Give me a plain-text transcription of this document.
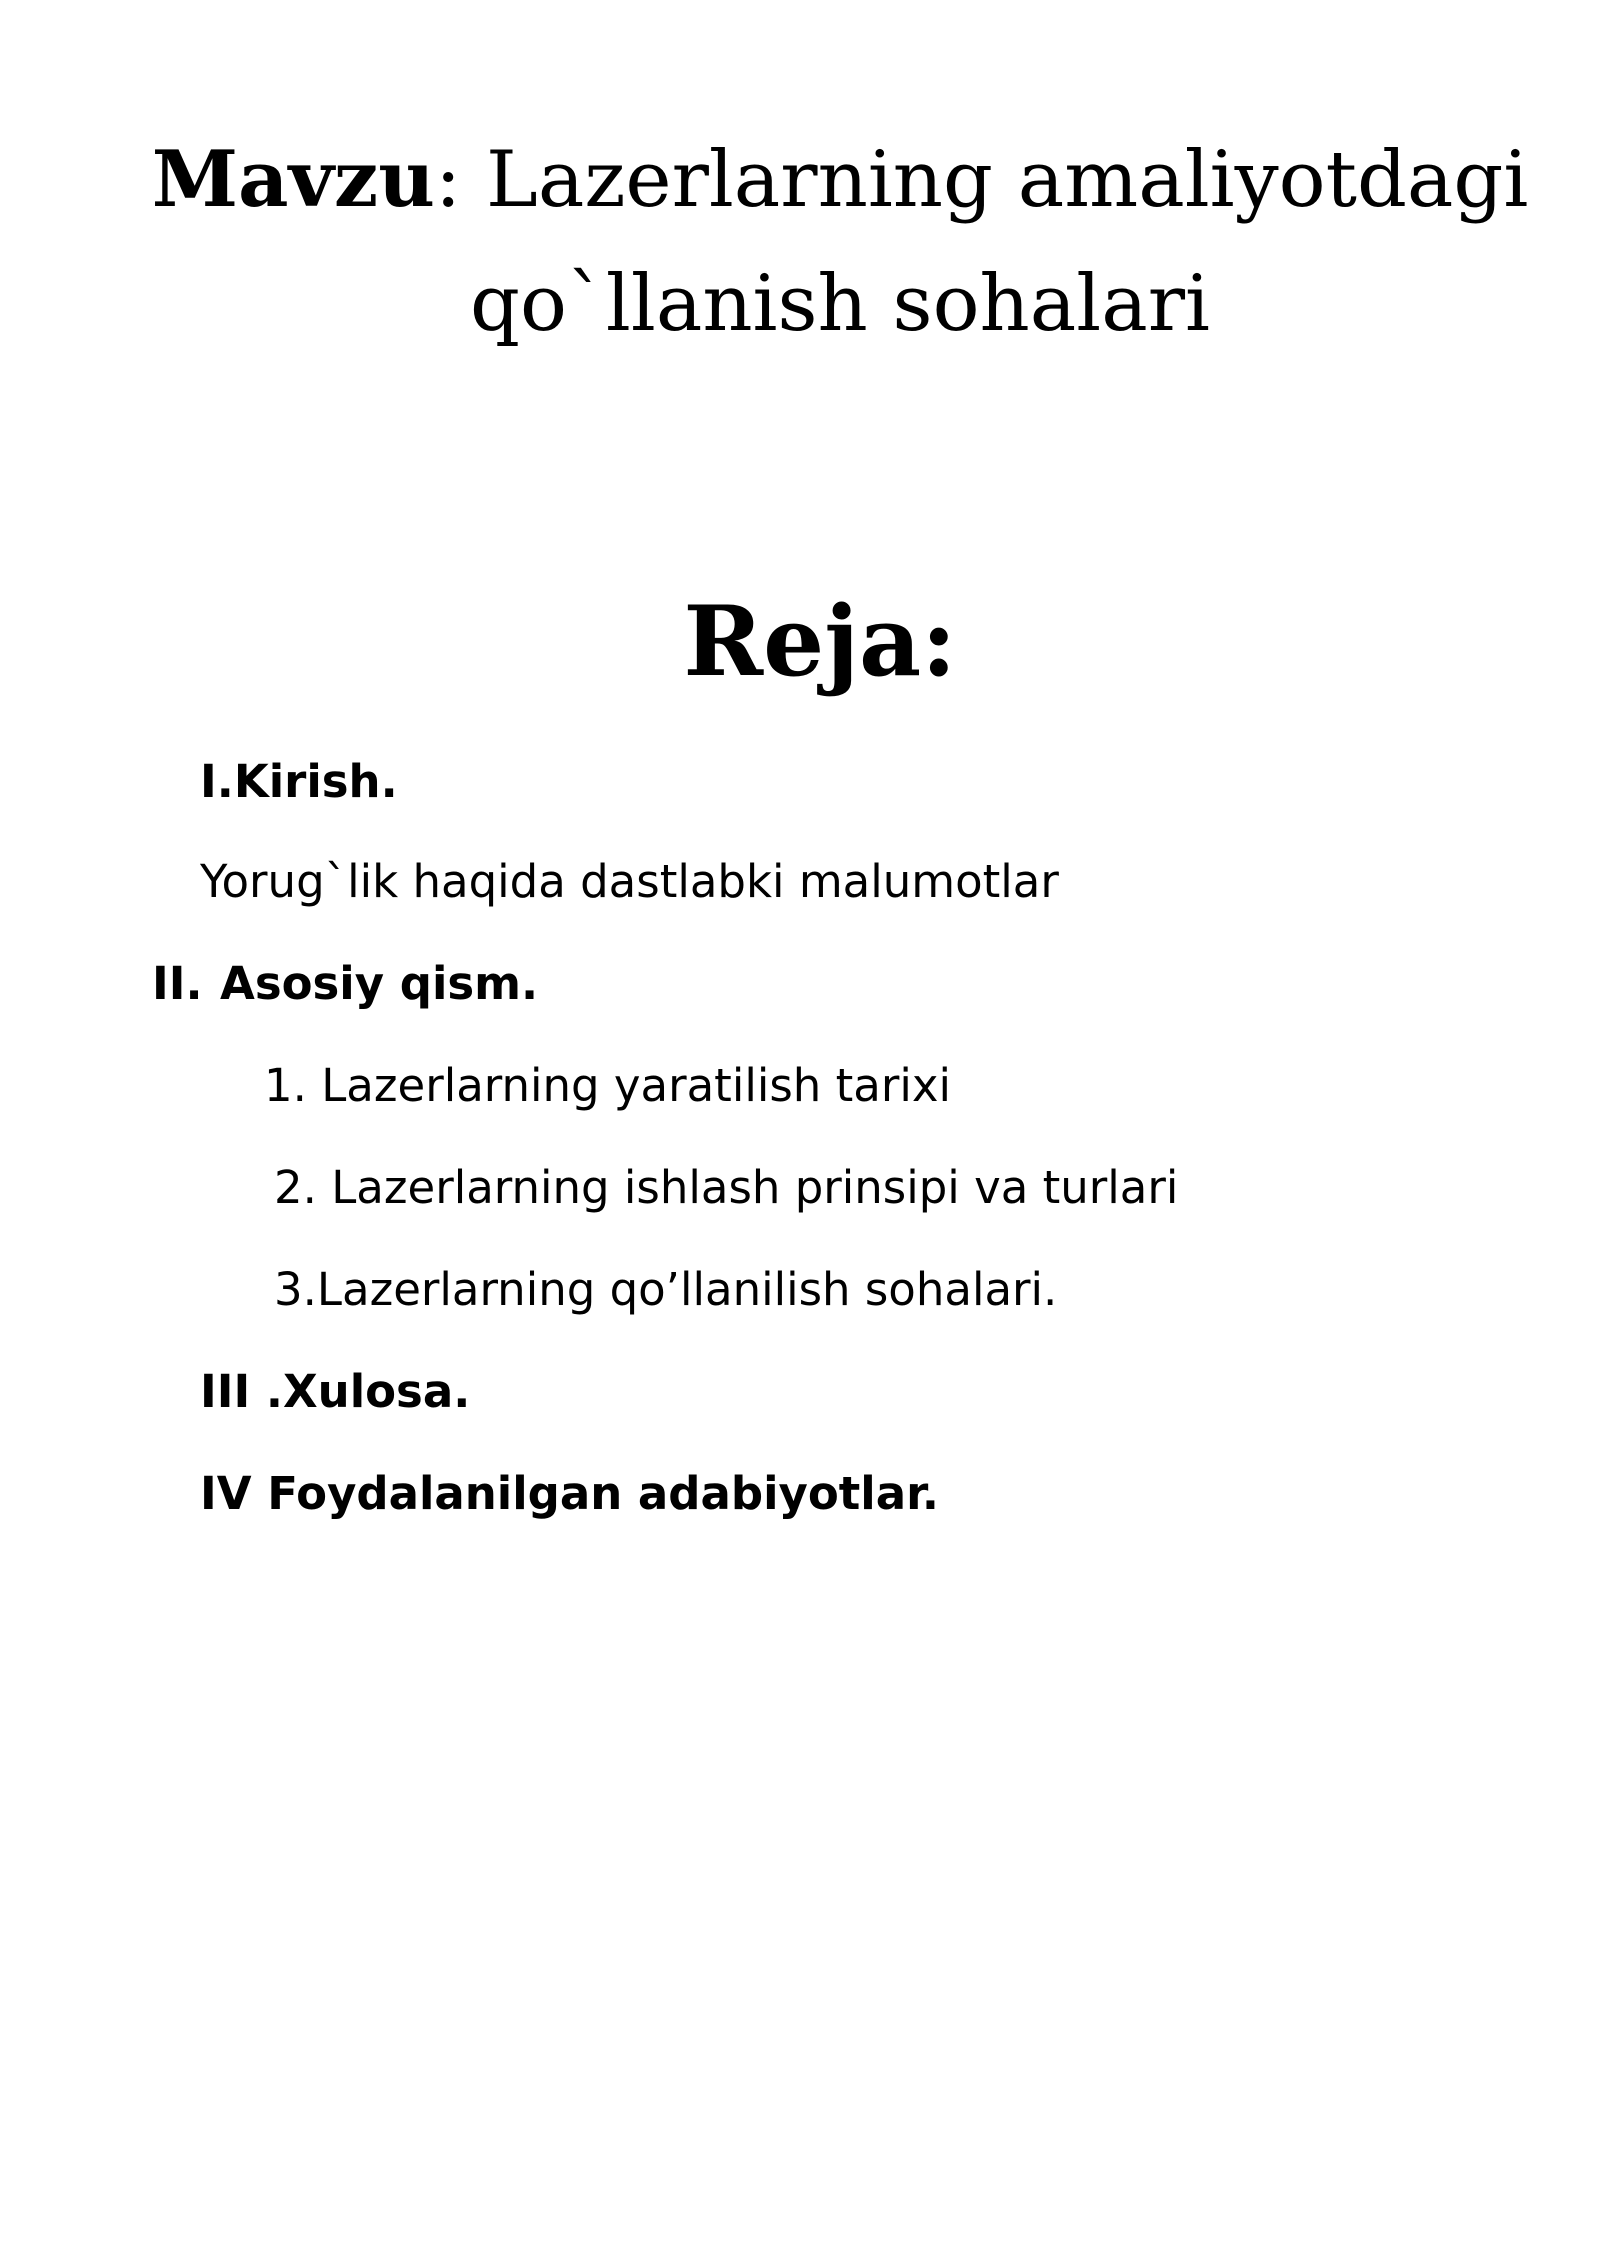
Mavzu: Lazerlarning amaliyotdagi
qo`llanish sohalari
Reja:
I.Kirish.
Yorug`lik haqida dastlabki malumotlar
II. Asosiy qism.
1. Lazerlarning yaratilish tarixi
2. Lazerlarning ishlash prinsipi va turlari
3.Lazerlarning qo’llanilish sohalari.
III .Xulosa.
IV Foydalanilgan adabiyotlar.
